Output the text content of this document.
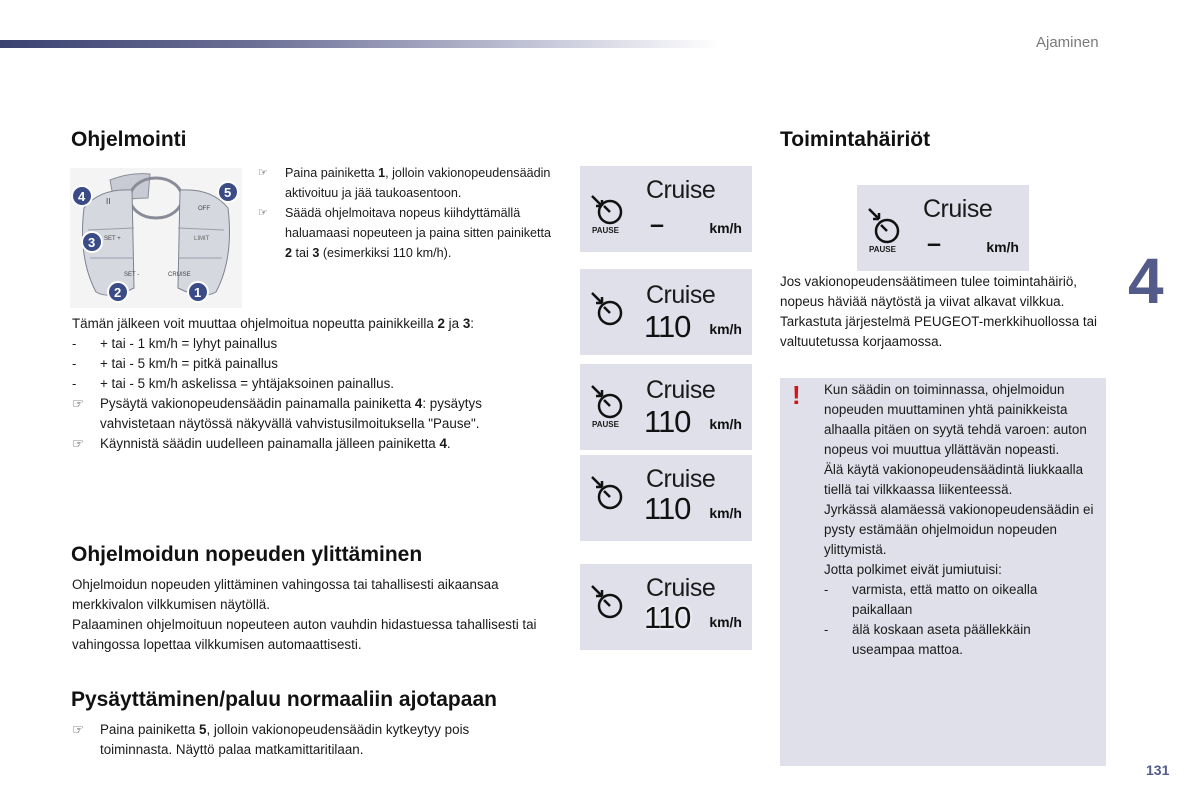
Ajaminen
Ohjelmointi
II
SET +
SET -	CRUISE
LIMIT
OFF
4
3
2	1
5
☞	Paina painiketta 1, jolloin vakionopeudensäädin aktivoituu ja jää taukoasentoon.
☞	Säädä ohjelmoitava nopeus kiihdyttämällä haluamaasi nopeuteen ja paina sitten painiketta 2 tai 3 (esimerkiksi 110 km/h).
Tämän jälkeen voit muuttaa ohjelmoitua nopeutta painikkeilla 2 ja 3:
-	+ tai - 1 km/h = lyhyt painallus
-	+ tai - 5 km/h = pitkä painallus
-	+ tai - 5 km/h askelissa = yhtäjaksoinen painallus.
☞	Pysäytä vakionopeudensäädin painamalla painiketta 4: pysäytys vahvistetaan näytössä näkyvällä vahvistusilmoituksella "Pause".
☞	Käynnistä säädin uudelleen painamalla jälleen painiketta 4.
Cruise
PAUSE ---	km/h
Cruise
110 km/h
Cruise
PAUSE 110 km/h
Cruise
110 km/h
Cruise
110 km/h
Ohjelmoidun nopeuden ylittäminen
Ohjelmoidun nopeuden ylittäminen vahingossa tai tahallisesti aikaansaa merkkivalon vilkkumisen näytöllä.
Palaaminen ohjelmoituun nopeuteen auton vauhdin hidastuessa tahallisesti tai vahingossa lopettaa vilkkumisen automaattisesti.
Pysäyttäminen/paluu normaaliin ajotapaan
☞	Paina painiketta 5, jolloin vakionopeudensäädin kytkeytyy pois toiminnasta. Näyttö palaa matkamittaritilaan.
Toimintahäiriöt
Cruise
PAUSE ---	km/h
Jos vakionopeudensäätimeen tulee toimintahäiriö, nopeus häviää näytöstä ja viivat alkavat vilkkua.
Tarkastuta järjestelmä PEUGEOT-merkkihuollossa tai valtuutetussa korjaamossa.
4
! Kun säädin on toiminnassa, ohjelmoidun nopeuden muuttaminen yhtä painikkeista alhaalla pitäen on syytä tehdä varoen: auton nopeus voi muuttua yllättävän nopeasti.
Älä käytä vakionopeudensäädintä liukkaalla tiellä tai vilkkaassa liikenteessä.
Jyrkässä alamäessä vakionopeudensäädin ei pysty estämään ohjelmoidun nopeuden ylittymistä.
Jotta polkimet eivät jumiutuisi:
-	varmista, että matto on oikealla paikallaan
-	älä koskaan aseta päällekkäin useampaa mattoa.
131
